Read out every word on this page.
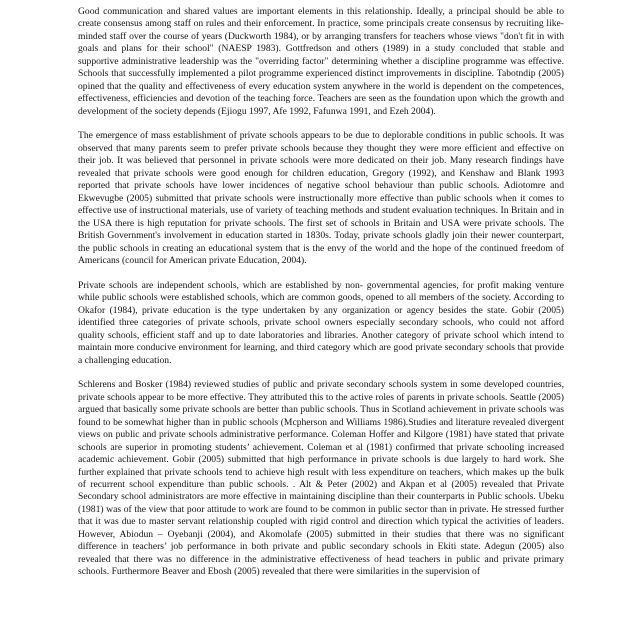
Good communication and shared values are important elements in this relationship. Ideally, a principal should be able to create consensus among staff on rules and their enforcement. In practice, some principals create consensus by recruiting like-minded staff over the course of years (Duckworth 1984), or by arranging transfers for teachers whose views "don't fit in with goals and plans for their school" (NAESP 1983). Gottfredson and others (1989) in a study concluded that stable and supportive administrative leadership was the "overriding factor" determining whether a discipline programme was effective. Schools that successfully implemented a pilot programme experienced distinct improvements in discipline. Tabotndip (2005) opined that the quality and effectiveness of every education system anywhere in the world is dependent on the competences, effectiveness, efficiencies and devotion of the teaching force. Teachers are seen as the foundation upon which the growth and development of the society depends (Ejiogu 1997, Afe 1992, Fafunwa 1991, and Ezeh 2004).

The emergence of mass establishment of private schools appears to be due to deplorable conditions in public schools. It was observed that many parents seem to prefer private schools because they thought they were more efficient and effective on their job. It was believed that personnel in private schools were more dedicated on their job. Many research findings have revealed that private schools were good enough for children education, Gregory (1992), and Kenshaw and Blank 1993 reported that private schools have lower incidences of negative school behaviour than public schools. Adiotomre and Ekwevugbe (2005) submitted that private schools were instructionally more effective than public schools when it comes to effective use of instructional materials, use of variety of teaching methods and student evaluation techniques. In Britain and in the USA there is high reputation for private schools. The first set of schools in Britain and USA were private schools. The British Government's involvement in education started in 1830s. Today, private schools gladly join their newer counterpart, the public schools in creating an educational system that is the envy of the world and the hope of the continued freedom of Americans (council for American private Education, 2004).

Private schools are independent schools, which are established by non- governmental agencies, for profit making venture while public schools were established schools, which are common goods, opened to all members of the society. According to Okafor (1984), private education is the type undertaken by any organization or agency besides the state. Gobir (2005) identified three categories of private schools, private school owners especially secondary schools, who could not afford quality schools, efficient staff and up to date laboratories and libraries. Another category of private school which intend to maintain more conducive environment for learning, and third category which are good private secondary schools that provide a challenging education.

Schlerens and Bosker (1984) reviewed studies of public and private secondary schools system in some developed countries, private schools appear to be more effective. They attributed this to the active roles of parents in private schools. Seattle (2005) argued that basically some private schools are better than public schools. Thus in Scotland achievement in private schools was found to be somewhat higher than in public schools (Mcpherson and Williams 1986).Studies and literature revealed divergent views on public and private schools administrative performance. Coleman Hoffer and Kilgore (1981) have stated that private schools are superior in promoting students’ achievement. Coleman et al (1981) confirmed that private schooling increased academic achievement. Gobir (2005) submitted that high performance in private schools is due largely to hard work. She further explained that private schools tend to achieve high result with less expenditure on teachers, which makes up the bulk of recurrent school expenditure than public schools. . Alt & Peter (2002) and Akpan et al (2005) revealed that Private Secondary school administrators are more effective in maintaining discipline than their counterparts in Public schools. Ubeku (1981) was of the view that poor attitude to work are found to be common in public sector than in private. He stressed further that it was due to master servant relationship coupled with rigid control and direction which typical the activities of leaders. However, Abiodun – Oyebanji (2004), and Akomolafe (2005) submitted in their studies that there was no significant difference in teachers’ job performance in both private and public secondary schools in Ekiti state. Adegun (2005) also revealed that there was no difference in the administrative effectiveness of head teachers in public and private primary schools. Furthermore Beaver and Ebosh (2005) revealed that there were similarities in the supervision of
